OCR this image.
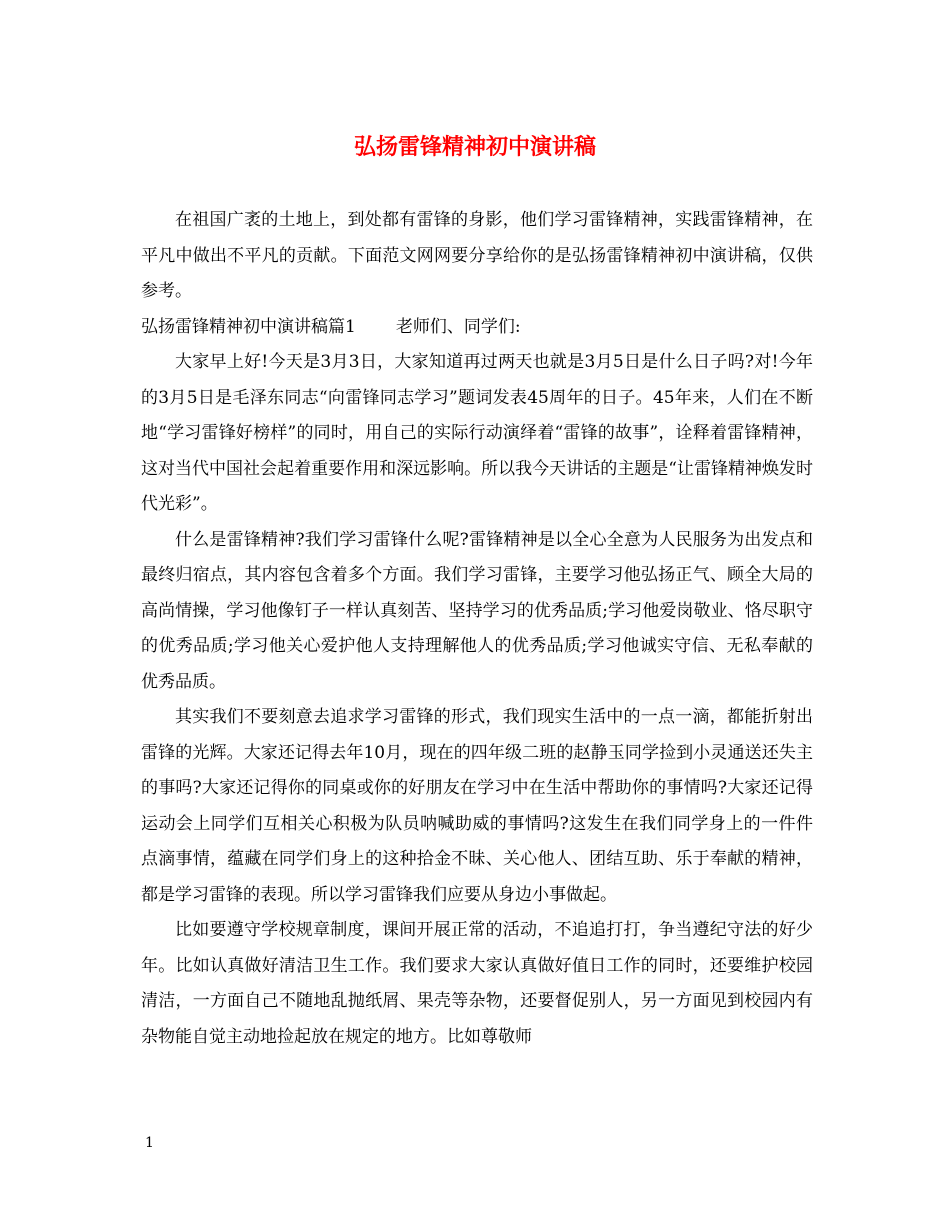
弘扬雷锋精神初中演讲稿

在祖国广袤的土地上，到处都有雷锋的身影，他们学习雷锋精神，实践雷锋精神，在平凡中做出不平凡的贡献。下面范文网网要分享给你的是弘扬雷锋精神初中演讲稿，仅供参考。

弘扬雷锋精神初中演讲稿篇1 老师们、同学们:

大家早上好!今天是3月3日，大家知道再过两天也就是3月5日是什么日子吗?对!今年的3月5日是毛泽东同志“向雷锋同志学习”题词发表45周年的日子。45年来，人们在不断地“学习雷锋好榜样”的同时，用自己的实际行动演绎着“雷锋的故事”，诠释着雷锋精神，这对当代中国社会起着重要作用和深远影响。所以我今天讲话的主题是“让雷锋精神焕发时代光彩”。

什么是雷锋精神?我们学习雷锋什么呢?雷锋精神是以全心全意为人民服务为出发点和最终归宿点，其内容包含着多个方面。我们学习雷锋，主要学习他弘扬正气、顾全大局的高尚情操，学习他像钉子一样认真刻苦、坚持学习的优秀品质;学习他爱岗敬业、恪尽职守的优秀品质;学习他关心爱护他人支持理解他人的优秀品质;学习他诚实守信、无私奉献的优秀品质。

其实我们不要刻意去追求学习雷锋的形式，我们现实生活中的一点一滴，都能折射出雷锋的光辉。大家还记得去年10月，现在的四年级二班的赵静玉同学捡到小灵通送还失主的事吗?大家还记得你的同桌或你的好朋友在学习中在生活中帮助你的事情吗?大家还记得运动会上同学们互相关心积极为队员呐喊助威的事情吗?这发生在我们同学身上的一件件点滴事情，蕴藏在同学们身上的这种拾金不昧、关心他人、团结互助、乐于奉献的精神，都是学习雷锋的表现。所以学习雷锋我们应要从身边小事做起。

比如要遵守学校规章制度，课间开展正常的活动，不追追打打，争当遵纪守法的好少年。比如认真做好清洁卫生工作。我们要求大家认真做好值日工作的同时，还要维护校园清洁，一方面自己不随地乱抛纸屑、果壳等杂物，还要督促别人，另一方面见到校园内有杂物能自觉主动地捡起放在规定的地方。比如尊敬师

1
